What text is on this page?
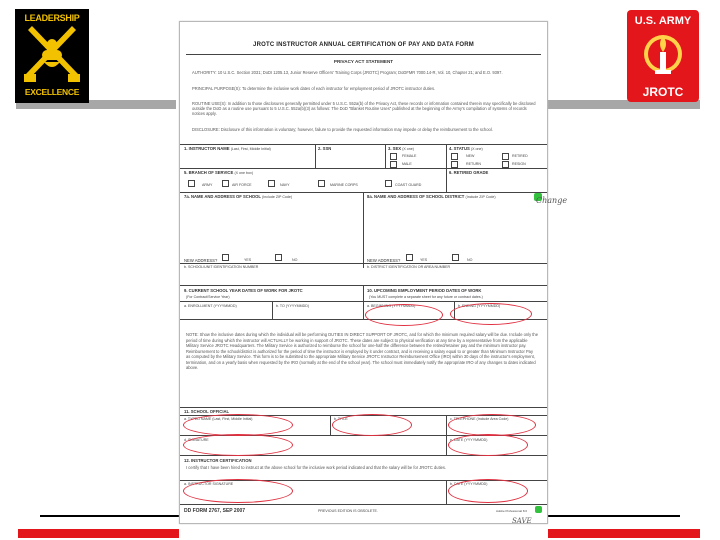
LEADERSHIP
EXCELLENCE
U.S. ARMY
JROTC
JROTC INSTRUCTOR ANNUAL CERTIFICATION OF PAY AND DATA FORM
PRIVACY ACT STATEMENT
AUTHORITY: 10 U.S.C. Section 2031; DoDI 1205.13, Junior Reserve Officers' Training Corps (JROTC) Program; DoDFMR 7000.14-R, Vol. 10, Chapter 21; and E.O. 9397.
PRINCIPAL PURPOSE(S): To determine the inclusive work dates of each instructor for employment period of JROTC instructor duties.
ROUTINE USE(S): In addition to those disclosures generally permitted under 5 U.S.C. 552a(b) of the Privacy Act, these records or information contained therein may specifically be disclosed outside the DoD as a routine use pursuant to 5 U.S.C. 552a(b)(3) as follows: The DoD "Blanket Routine Uses" published at the beginning of the Army's compilation of systems of records notices apply.
DISCLOSURE: Disclosure of this information is voluntary; however, failure to provide the requested information may impede or delay the reimbursement to the school.
1. INSTRUCTOR NAME (Last, First, Middle Initial)	2. SSN	3. SEX (X one)
FEMALE
MALE
4. STATUS (X one)
NEW	RETIRED
RETURN	RESIGN
5. BRANCH OF SERVICE (X one box)
ARMY	AIR FORCE	NAVY	MARINE CORPS	COAST GUARD
6. RETIRED GRADE
7a. NAME AND ADDRESS OF SCHOOL (Include ZIP Code)	8a. NAME AND ADDRESS OF SCHOOL DISTRICT (Include ZIP Code)
NEW ADDRESS?	YES	NO	NEW ADDRESS?	YES	NO
b. SCHOOL/UNIT IDENTIFICATION NUMBER	b. DISTRICT IDENTIFICATION OR AREA NUMBER
9. CURRENT SCHOOL YEAR DATES OF WORK FOR JROTC
(For Contract/Service Year)
10. UPCOMING EMPLOYMENT PERIOD DATES OF WORK
(You MUST complete a separate sheet for any future or contract dates.)
a. ENROLLMENT (YYYYMMDD)	b. TO (YYYYMMDD)	a. BEGINNING (YYYYMMDD)	b. ENDING (YYYYMMDD)
NOTE: Show the inclusive dates during which the individual will be performing DUTIES IN DIRECT SUPPORT OF JROTC, and for which the minimum required salary will be due. Include only the period of time during which the instructor will ACTUALLY be working in support of JROTC. These dates are subject to physical verification at any time by a representative from the applicable Military Service JROTC Headquarters. The Military Service is authorized to reimburse the school for one-half the difference between the retired/retainer pay and the minimum instructor pay. Reimbursement to the school/district is authorized for the period of time the instructor is employed by it under contract, and is receiving a salary equal to or greater than Minimum Instructor Pay as computed by the Military Service. This form is to be submitted to the appropriate Military Service JROTC Instructor Reimbursement Office (IRO) within 30 days of the instructor's employment, termination, and on a yearly basis when requested by the IRO (normally at the end of the school year). The school must immediately notify the appropriate IRO of any changes to dates indicated above.
11. SCHOOL OFFICIAL
a. TYPED NAME (Last, First, Middle Initial)	b. TITLE	c. TELEPHONE (Include Area Code)
d. SIGNATURE	e. DATE (YYYYMMDD)
12. INSTRUCTOR CERTIFICATION
I certify that I have been hired to instruct at the above school for the inclusive work period indicated and that the salary will be for JROTC duties.
a. INSTRUCTOR SIGNATURE	b. DATE (YYYYMMDD)
DD FORM 2767, SEP 2007	PREVIOUS EDITION IS OBSOLETE.	Adobe Professional 8.0
Change
SAVE
